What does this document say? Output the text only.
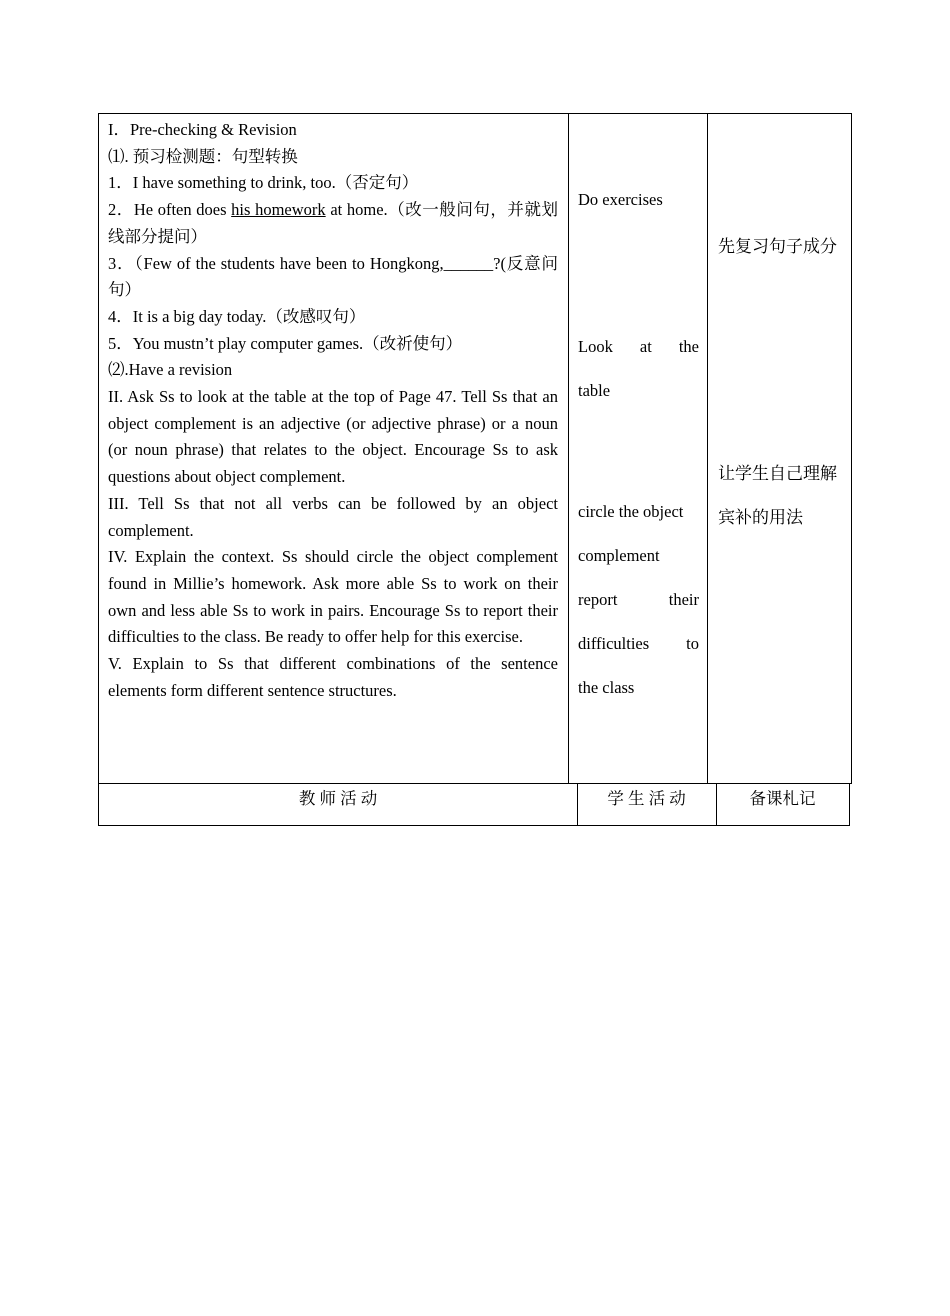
I．Pre-checking & Revision
⑴. 预习检测题：句型转换
1．I have something to drink, too.（否定句）
2．He often does his homework at home.（改一般问句，并就划线部分提问）
3．（Few of the students have been to Hongkong,______?(反意问句）
4．It is a big day today.（改感叹句）
5．You mustn’t play computer games.（改祈使句）
⑵.Have a revision
II. Ask Ss to look at the table at the top of Page 47. Tell Ss that an object complement is an adjective (or adjective phrase) or a noun (or noun phrase) that relates to the object. Encourage Ss to ask questions about object complement.
III. Tell Ss that not all verbs can be followed by an object complement.
IV. Explain the context. Ss should circle the object complement found in Millie’s homework. Ask more able Ss to work on their own and less able Ss to work in pairs. Encourage Ss to report their difficulties to the class. Be ready to offer help for this exercise.
V. Explain to Ss that different combinations of the sentence elements form different sentence structures.
Do exercises
Look at the
table
circle the object
complement
report their
difficulties to
the class
先复习句子成分
让学生自己理解
宾补的用法
教 师 活 动	学 生 活 动	备课札记
